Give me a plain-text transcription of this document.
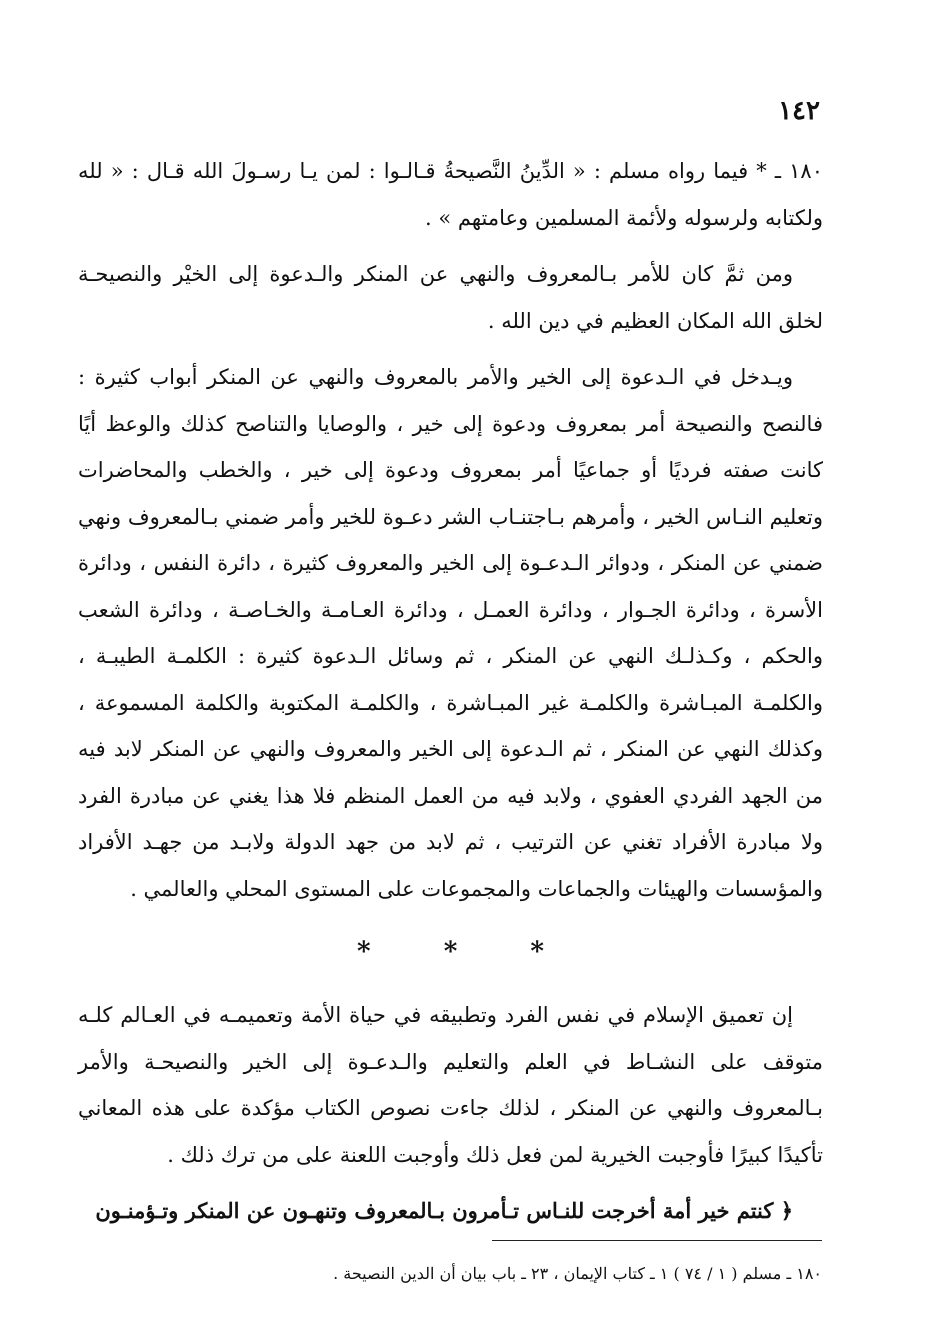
١٤٢

١٨٠ ـ * فيما رواه مسلم : « الدِّينُ النَّصيحةُ قـالـوا : لمن يـا رسـولَ الله قـال : « لله ولكتابه ولرسوله ولأئمة المسلمين وعامتهم » .

ومن ثمَّ كان للأمر بـالمعروف والنهي عن المنكر والـدعوة إلى الخيْر والنصيحـة لخلق الله المكان العظيم في دين الله .

ويـدخل في الـدعوة إلى الخير والأمر بالمعروف والنهي عن المنكر أبواب كثيرة : فالنصح والنصيحة أمر بمعروف ودعوة إلى خير ، والوصايا والتناصح كذلك والوعظ أيًا كانت صفته فرديًا أو جماعيًا أمر بمعروف ودعوة إلى خير ، والخطب والمحاضرات وتعليم النـاس الخير ، وأمرهم بـاجتنـاب الشر دعـوة للخير وأمر ضمني بـالمعروف ونهي ضمني عن المنكر ، ودوائر الـدعـوة إلى الخير والمعروف كثيرة ، دائرة النفس ، ودائرة الأسرة ، ودائرة الجـوار ، ودائرة العمـل ، ودائرة العـامـة والخـاصـة ، ودائرة الشعب والحكم ، وكـذلـك النهي عن المنكر ، ثم وسائل الـدعوة كثيرة : الكلمـة الطيبـة ، والكلمـة المبـاشرة والكلمـة غير المبـاشرة ، والكلمـة المكتوبة والكلمة المسموعة ، وكذلك النهي عن المنكر ، ثم الـدعوة إلى الخير والمعروف والنهي عن المنكر لابد فيه من الجهد الفردي العفوي ، ولابد فيه من العمل المنظم فلا هذا يغني عن مبادرة الفرد ولا مبادرة الأفراد تغني عن الترتيب ، ثم لابد من جهد الدولة ولابـد من جهـد الأفراد والمؤسسات والهيئات والجماعات والمجموعات على المستوى المحلي والعالمي .

* * *

إن تعميق الإسلام في نفس الفرد وتطبيقه في حياة الأمة وتعميمـه في العـالم كلـه متوقف على النشـاط في العلم والتعليم والـدعـوة إلى الخير والنصيحـة والأمر بـالمعروف والنهي عن المنكر ، لذلك جاءت نصوص الكتاب مؤكدة على هذه المعاني تأكيدًا كبيرًا فأوجبت الخيرية لمن فعل ذلك وأوجبت اللعنة على من ترك ذلك .

﴿ كنتم خير أمة أخرجت للنـاس تـأمرون بـالمعروف وتنهـون عن المنكر وتـؤمنـون

١٨٠ ـ مسلم ( ١ / ٧٤ ) ١ ـ كتاب الإيمان ، ٢٣ ـ باب بيان أن الدين النصيحة .
